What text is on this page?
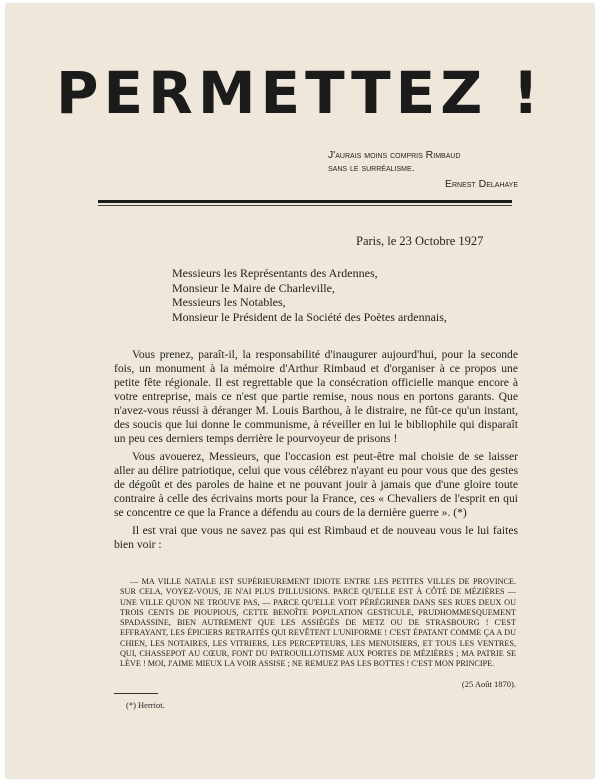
PERMETTEZ !
J'aurais moins compris Rimbaud
sans le surréalisme.
Ernest Delahaye
Paris, le 23 Octobre 1927
Messieurs les Représentants des Ardennes,
Monsieur le Maire de Charleville,
Messieurs les Notables,
Monsieur le Président de la Société des Poètes ardennais,

Vous prenez, paraît-il, la responsabilité d'inaugurer aujourd'hui, pour la seconde fois, un monument à la mémoire d'Arthur Rimbaud et d'organiser à ce propos une petite fête régionale. Il est regrettable que la consécration officielle manque encore à votre entreprise, mais ce n'est que partie remise, nous nous en portons garants. Que n'avez-vous réussi à déranger M. Louis Barthou, à le distraire, ne fût-ce qu'un instant, des soucis que lui donne le communisme, à réveiller en lui le bibliophile qui disparaît un peu ces derniers temps derrière le pourvoyeur de prisons !

Vous avouerez, Messieurs, que l'occasion est peut-être mal choisie de se laisser aller au délire patriotique, celui que vous célébrez n'ayant eu pour vous que des gestes de dégoût et des paroles de haine et ne pouvant jouir à jamais que d'une gloire toute contraire à celle des écrivains morts pour la France, ces « Chevaliers de l'esprit en qui se concentre ce que la France a défendu au cours de la dernière guerre ». (*)

Il est vrai que vous ne savez pas qui est Rimbaud et de nouveau vous le lui faites bien voir :

— MA VILLE NATALE EST SUPÉRIEUREMENT IDIOTE ENTRE LES PETITES VILLES DE PROVINCE. SUR CELA, VOYEZ-VOUS, JE N'AI PLUS D'ILLUSIONS. PARCE QU'ELLE EST À CÔTÉ DE MÉZIÈRES — UNE VILLE QU'ON NE TROUVE PAS, — PARCE QU'ELLE VOIT PÉRÉGRINER DANS SES RUES DEUX OU TROIS CENTS DE PIOUPIOUS, CETTE BENOÎTE POPULATION GESTICULE, PRUDHOMMESQUEMENT SPADASSINE, BIEN AUTREMENT QUE LES ASSIÉGÉS DE METZ OU DE STRASBOURG ! C'EST EFFRAYANT, LES ÉPICIERS RETRAITÉS QUI REVÊTENT L'UNIFORME ! C'EST ÉPATANT COMME ÇA A DU CHIEN, LES NOTAIRES, LES VITRIERS, LES PERCEPTEURS, LES MENUISIERS, ET TOUS LES VENTRES, QUI, CHASSEPOT AU CŒUR, FONT DU PATROUILLOTISME AUX PORTES DE MÉZIÈRES ; MA PATRIE SE LÈVE ! MOI, J'AIME MIEUX LA VOIR ASSISE ; NE REMUEZ PAS LES BOTTES ! C'EST MON PRINCIPE.
(25 Août 1870).
(*) Herriot.
